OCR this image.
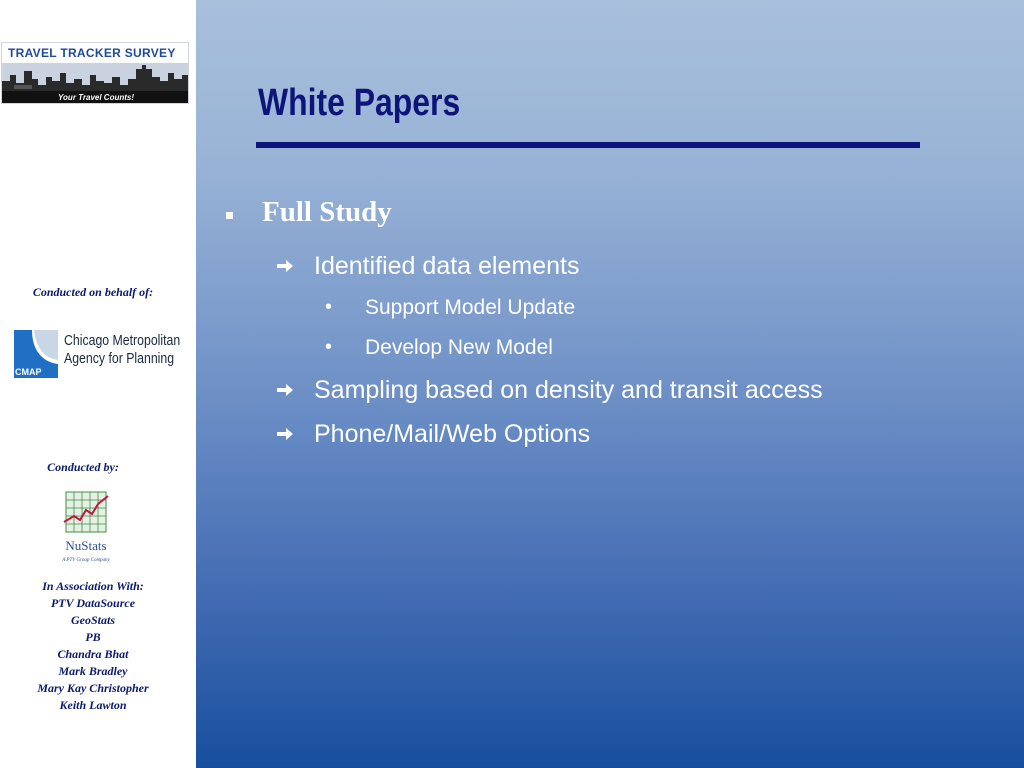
TRAVEL TRACKER SURVEY
Your Travel Counts!
Conducted on behalf of:
CMAP
Chicago Metropolitan
Agency for Planning
Conducted by:
NuStats
A PTV Group Company
In Association With:
PTV DataSource
GeoStats
PB
Chandra Bhat
Mark Bradley
Mary Kay Christopher
Keith Lawton
White Papers
Full Study
Identified data elements
• Support Model Update
• Develop New Model
Sampling based on density and transit access
Phone/Mail/Web Options
